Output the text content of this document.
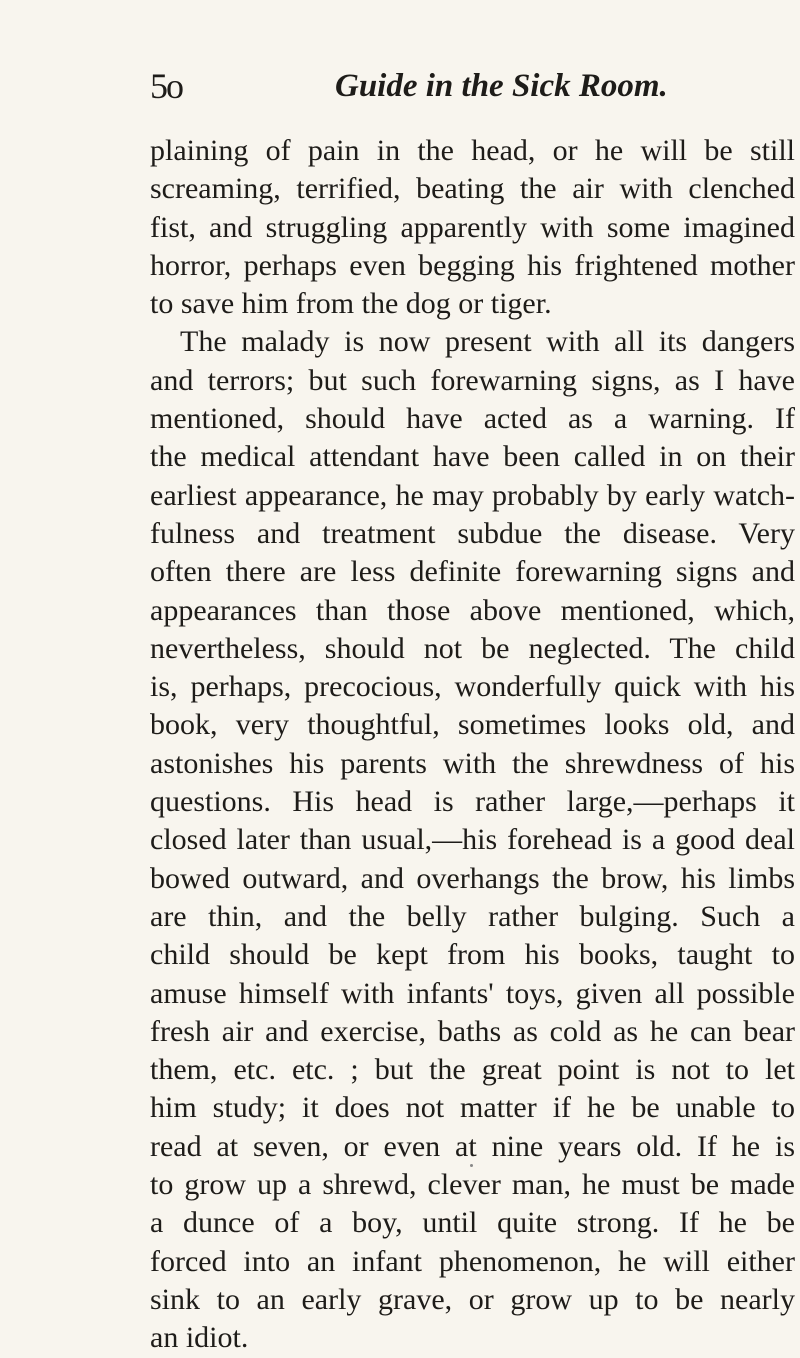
5o	Guide in the Sick Room.
plaining of pain in the head, or he will be still
screaming, terrified, beating the air with clenched
fist, and struggling apparently with some imagined
horror, perhaps even begging his frightened mother
to save him from the dog or tiger.
The malady is now present with all its dangers
and terrors; but such forewarning signs, as I have
mentioned, should have acted as a warning. If
the medical attendant have been called in on their
earliest appearance, he may probably by early watch-
fulness and treatment subdue the disease. Very
often there are less definite forewarning signs and
appearances than those above mentioned, which,
nevertheless, should not be neglected. The child
is, perhaps, precocious, wonderfully quick with his
book, very thoughtful, sometimes looks old, and
astonishes his parents with the shrewdness of his
questions. His head is rather large,—perhaps it
closed later than usual,—his forehead is a good deal
bowed outward, and overhangs the brow, his limbs
are thin, and the belly rather bulging. Such a
child should be kept from his books, taught to
amuse himself with infants' toys, given all possible
fresh air and exercise, baths as cold as he can bear
them, etc. etc. ; but the great point is not to let
him study; it does not matter if he be unable to
read at seven, or even at nine years old. If he is
to grow up a shrewd, clever man, he must be made
a dunce of a boy, until quite strong. If he be
forced into an infant phenomenon, he will either
sink to an early grave, or grow up to be nearly
an idiot.
